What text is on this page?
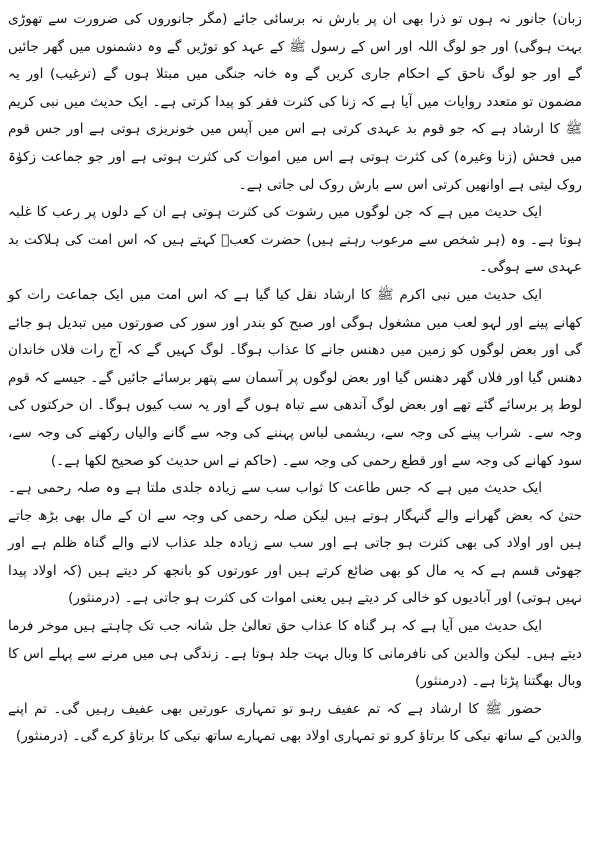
زبان) جانور نہ ہوں تو ذرا بھی ان پر بارش نہ برسائی جائے (مگر جانوروں کی ضرورت سے تھوڑی بہت ہوگی) اور جو لوگ اللہ اور اس کے رسول ﷺ کے عہد کو توڑیں گے وہ دشمنوں میں گھر جائیں گے اور جو لوگ ناحق کے احکام جاری کریں گے وہ خانہ جنگی میں مبتلا ہوں گے (ترغیب) اور یہ مضمون تو متعدد روایات میں آیا ہے کہ زنا کی کثرت فقر کو پیدا کرتی ہے۔ ایک حدیث میں نبی کریم ﷺ کا ارشاد ہے کہ جو قوم بد عہدی کرتی ہے اس میں آپس میں خونریزی ہوتی ہے اور جس قوم میں فحش (زنا وغیرہ) کی کثرت ہوتی ہے اس میں اموات کی کثرت ہوتی ہے اور جو جماعت زکوٰۃ روک لیتی ہے اوانھیں کرتی اس سے بارش روک لی جاتی ہے۔

ایک حدیث میں ہے کہ جن لوگوں میں رشوت کی کثرت ہوتی ہے ان کے دلوں پر رعب کا غلبہ ہوتا ہے۔ وہ (ہر شخص سے مرعوب رہتے ہیں) حضرت کعبؓ کہتے ہیں کہ اس امت کی ہلاکت بد عہدی سے ہوگی۔

ایک حدیث میں نبی اکرم ﷺ کا ارشاد نقل کیا گیا ہے کہ اس امت میں ایک جماعت رات کو کھانے پینے اور لہو لعب میں مشغول ہوگی اور صبح کو بندر اور سور کی صورتوں میں تبدیل ہو جائے گی اور بعض لوگوں کو زمین میں دھنس جانے کا عذاب ہوگا۔ لوگ کہیں گے کہ آج رات فلاں خاندان دھنس گیا اور فلاں گھر دھنس گیا اور بعض لوگوں پر آسمان سے پتھر برسائے جائیں گے۔ جیسے کہ قوم لوط پر برسائے گئے تھے اور بعض لوگ آندھی سے تباہ ہوں گے اور یہ سب کیوں ہوگا۔ ان حرکتوں کی وجہ سے۔ شراب پینے کی وجہ سے، ریشمی لباس پہننے کی وجہ سے گانے والیاں رکھنے کی وجہ سے، سود کھانے کی وجہ سے اور قطع رحمی کی وجہ سے۔ (حاکم نے اس حدیث کو صحیح لکھا ہے۔)

ایک حدیث میں ہے کہ جس طاعت کا ثواب سب سے زیادہ جلدی ملتا ہے وہ صلہ رحمی ہے۔ حتیٰ کہ بعض گھرانے والے گنہگار ہوتے ہیں لیکن صلہ رحمی کی وجہ سے ان کے مال بھی بڑھ جاتے ہیں اور اولاد کی بھی کثرت ہو جاتی ہے اور سب سے زیادہ جلد عذاب لانے والے گناہ ظلم ہے اور جھوٹی قسم ہے کہ یہ مال کو بھی ضائع کرتے ہیں اور عورتوں کو بانجھ کر دیتے ہیں (کہ اولاد پیدا نہیں ہوتی) اور آبادیوں کو خالی کر دیتے ہیں یعنی اموات کی کثرت ہو جاتی ہے۔ (درمنثور)

ایک حدیث میں آیا ہے کہ ہر گناہ کا عذاب حق تعالیٰ جل شانہ جب تک چاہتے ہیں موخر فرما دیتے ہیں۔ لیکن والدین کی نافرمانی کا وبال بہت جلد ہوتا ہے۔ زندگی ہی میں مرنے سے پہلے اس کا وبال بھگتنا پڑتا ہے۔ (درمنثور)

حضور ﷺ کا ارشاد ہے کہ تم عفیف رہو تو تمہاری عورتیں بھی عفیف رہیں گی۔ تم اپنے والدین کے ساتھ نیکی کا برتاؤ کرو تو تمہاری اولاد بھی تمہارے ساتھ نیکی کا برتاؤ کرے گی۔ (درمنثور)
